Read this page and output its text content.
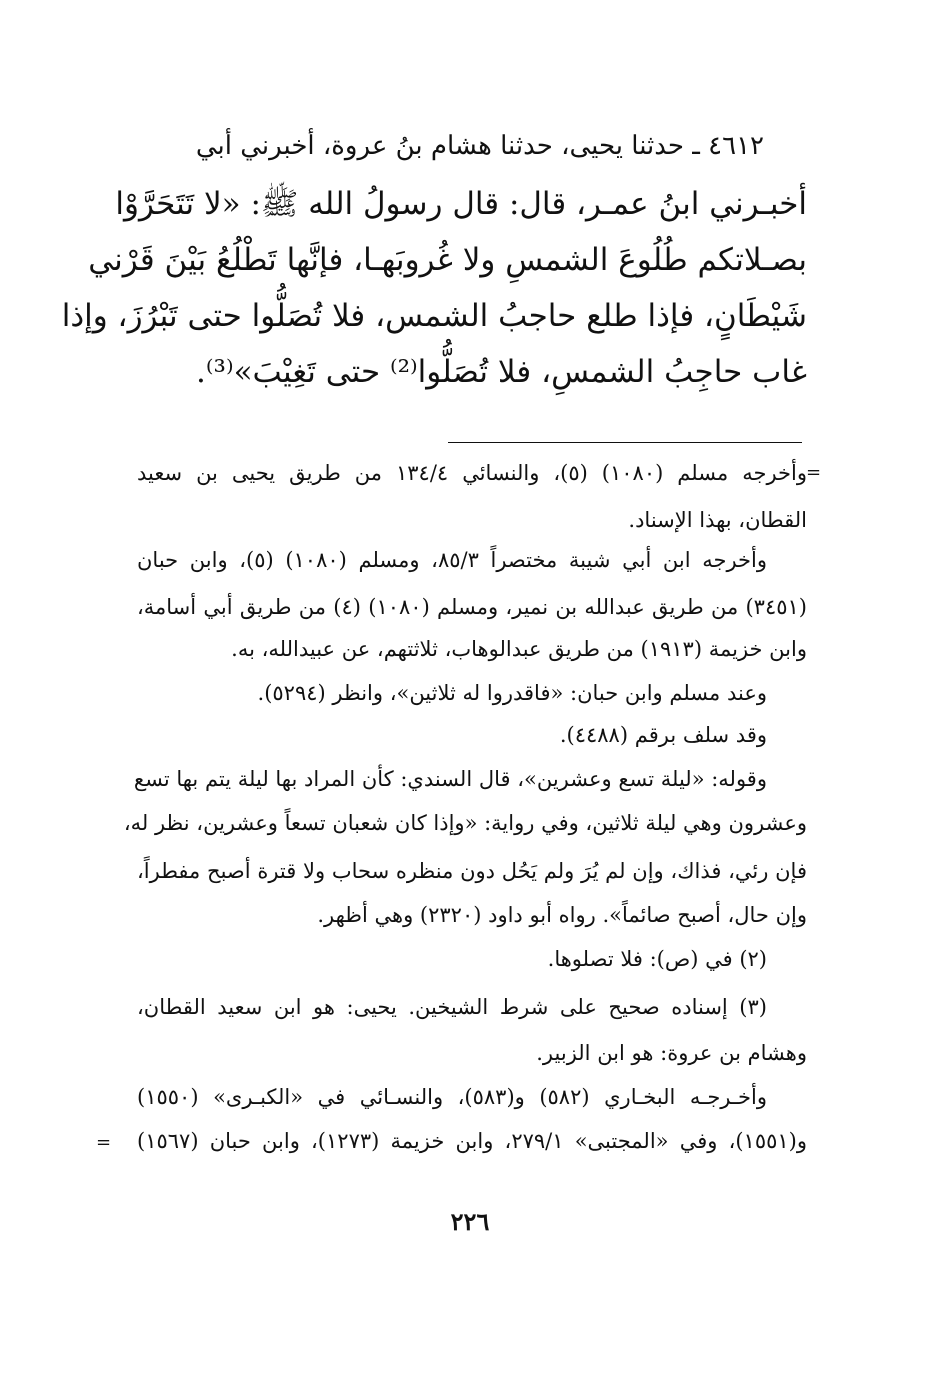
٤٦١٢ ـ حدثنا يحيى، حدثنا هشام بنُ عروة، أخبرني أبي
أخبـرني ابنُ عمـر، قال: قال رسولُ الله ﷺ: «لا تَتَحَرَّوْا
بصـلاتكم طُلُوعَ الشمسِ ولا غُروبَهـا، فإنَّها تَطْلُعُ بَيْنَ قَرْني
شَيْطَانٍ، فإذا طلع حاجبُ الشمس، فلا تُصَلُّوا حتى تَبْرُزَ، وإذا
غاب حاجِبُ الشمسِ، فلا تُصَلُّوا⁽²⁾ حتى تَغِيْبَ»⁽³⁾.
=
وأخرجه مسلم (١٠٨٠) (٥)، والنسائي ١٣٤/٤ من طريق يحيى بن سعيد
القطان، بهذا الإسناد.
وأخرجه ابن أبي شيبة مختصراً ٨٥/٣، ومسلم (١٠٨٠) (٥)، وابن حبان
(٣٤٥١) من طريق عبدالله بن نمير، ومسلم (١٠٨٠) (٤) من طريق أبي أسامة،
وابن خزيمة (١٩١٣) من طريق عبدالوهاب، ثلاثتهم، عن عبيدالله، به.
وعند مسلم وابن حبان: «فاقدروا له ثلاثين»، وانظر (٥٢٩٤).
وقد سلف برقم (٤٤٨٨).
وقوله: «ليلة تسع وعشرين»، قال السندي: كأن المراد بها ليلة يتم بها تسع
وعشرون وهي ليلة ثلاثين، وفي رواية: «وإذا كان شعبان تسعاً وعشرين، نظر له،
فإن رئي، فذاك، وإن لم يُرَ ولم يَحُل دون منظره سحاب ولا قترة أصبح مفطراً،
وإن حال، أصبح صائماً». رواه أبو داود (٢٣٢٠) وهي أظهر.
(٢) في (ص): فلا تصلوها.
(٣) إسناده صحيح على شرط الشيخين. يحيى: هو ابن سعيد القطان،
وهشام بن عروة: هو ابن الزبير.
وأخـرجـه البخـاري (٥٨٢) و(٥٨٣)، والنسـائي في «الكبـرى» (١٥٥٠)
و(١٥٥١)، وفي «المجتبى» ٢٧٩/١، وابن خزيمة (١٢٧٣)، وابن حبان (١٥٦٧)
=
٢٢٦
